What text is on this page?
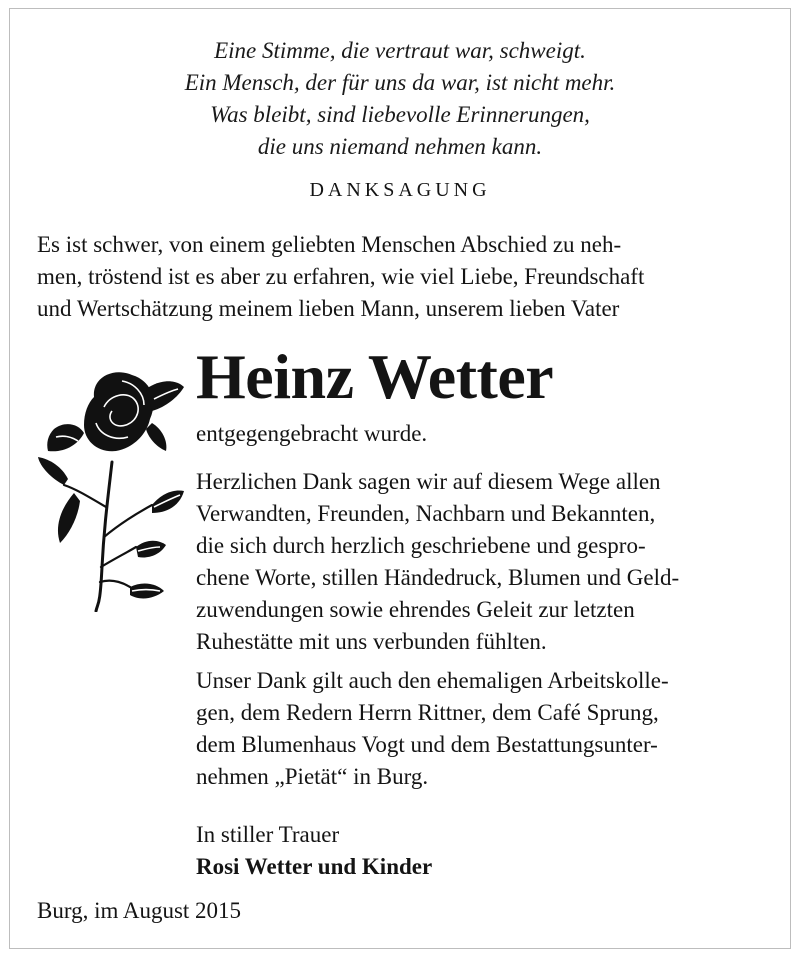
Eine Stimme, die vertraut war, schweigt.
Ein Mensch, der für uns da war, ist nicht mehr.
Was bleibt, sind liebevolle Erinnerungen,
die uns niemand nehmen kann.
DANKSAGUNG
Es ist schwer, von einem geliebten Menschen Abschied zu neh-
men, tröstend ist es aber zu erfahren, wie viel Liebe, Freundschaft
und Wertschätzung meinem lieben Mann, unserem lieben Vater
Heinz Wetter
entgegengebracht wurde.
Herzlichen Dank sagen wir auf diesem Wege allen
Verwandten, Freunden, Nachbarn und Bekannten,
die sich durch herzlich geschriebene und gespro-
chene Worte, stillen Händedruck, Blumen und Geld-
zuwendungen sowie ehrendes Geleit zur letzten
Ruhestätte mit uns verbunden fühlten.
Unser Dank gilt auch den ehemaligen Arbeitskolle-
gen, dem Redern Herrn Rittner, dem Café Sprung,
dem Blumenhaus Vogt und dem Bestattungsunter-
nehmen „Pietät“ in Burg.
In stiller Trauer
Rosi Wetter und Kinder
Burg, im August 2015
